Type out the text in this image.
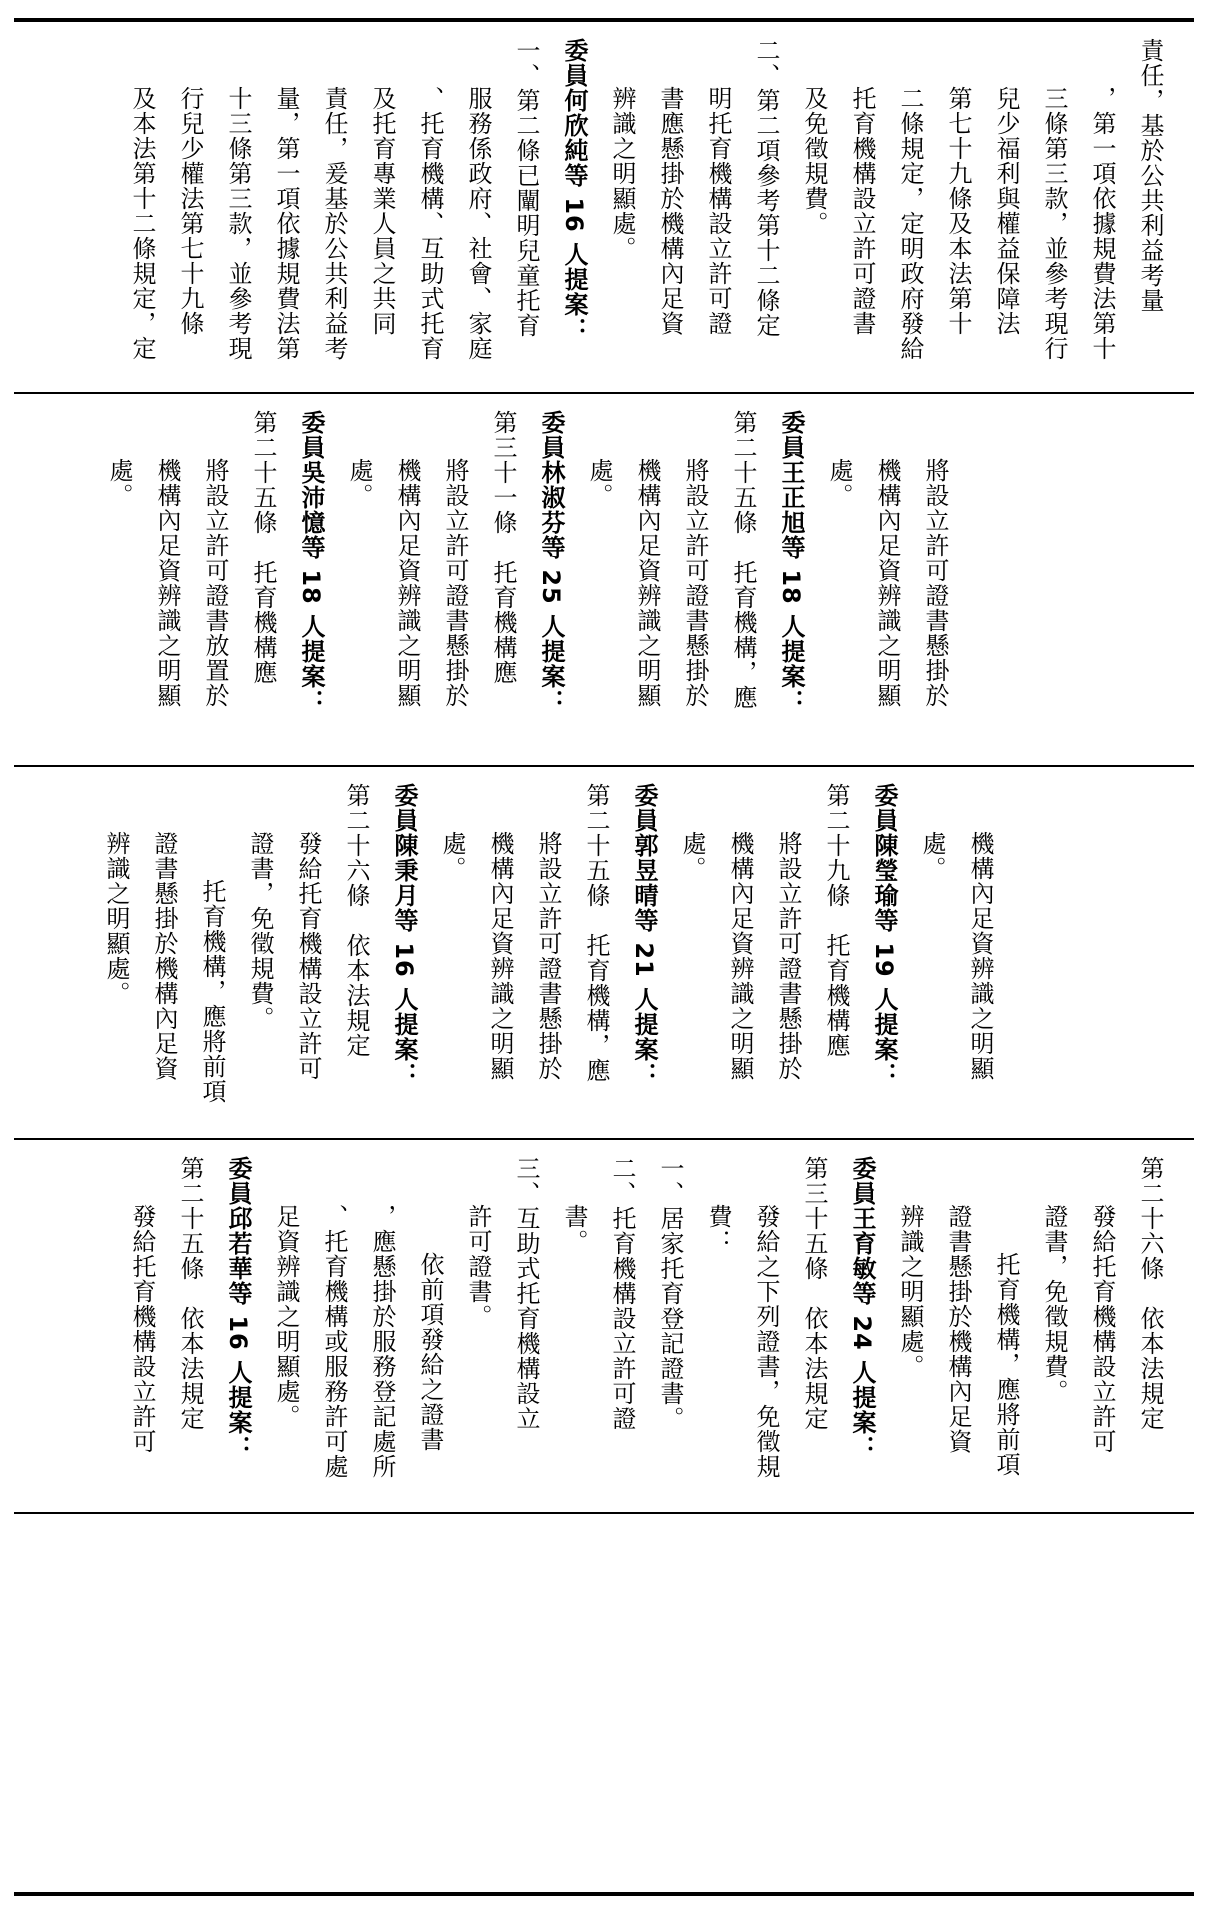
責任，基於公共利益考量
，第一項依據規費法第十
三條第三款，並參考現行
兒少福利與權益保障法
第七十九條及本法第十
二條規定，定明政府發給
托育機構設立許可證書
及免徵規費。
二、第二項參考第十二條定
明托育機構設立許可證
書應懸掛於機構內足資
辨識之明顯處。
委員何欣純等 16 人提案：
一、第二條已闡明兒童托育
服務係政府、社會、家庭
、托育機構、互助式托育
及托育專業人員之共同
責任，爰基於公共利益考
量，第一項依據規費法第
十三條第三款，並參考現
行兒少權法第七十九條
及本法第十二條規定，定
將設立許可證書懸掛於
機構內足資辨識之明顯
處。
委員王正旭等 18 人提案：
第二十五條　托育機構，應
將設立許可證書懸掛於
機構內足資辨識之明顯
處。
委員林淑芬等 25 人提案：
第三十一條　托育機構應
將設立許可證書懸掛於
機構內足資辨識之明顯
處。
委員吳沛憶等 18 人提案：
第二十五條　托育機構應
將設立許可證書放置於
機構內足資辨識之明顯
處。
機構內足資辨識之明顯
處。
委員陳瑩瑜等 19 人提案：
第二十九條　托育機構應
將設立許可證書懸掛於
機構內足資辨識之明顯
處。
委員郭昱晴等 21 人提案：
第二十五條　托育機構，應
將設立許可證書懸掛於
機構內足資辨識之明顯
處。
委員陳秉月等 16 人提案：
第二十六條　依本法規定
發給托育機構設立許可
證書，免徵規費。
托育機構，應將前項
證書懸掛於機構內足資
辨識之明顯處。
第二十六條　依本法規定
發給托育機構設立許可
證書，免徵規費。
托育機構，應將前項
證書懸掛於機構內足資
辨識之明顯處。
委員王育敏等 24 人提案：
第三十五條　依本法規定
發給之下列證書，免徵規
費：
一、居家托育登記證書。
二、托育機構設立許可證
書。
三、互助式托育機構設立
許可證書。
依前項發給之證書
，應懸掛於服務登記處所
、托育機構或服務許可處
足資辨識之明顯處。
委員邱若華等 16 人提案：
第二十五條　依本法規定
發給托育機構設立許可
